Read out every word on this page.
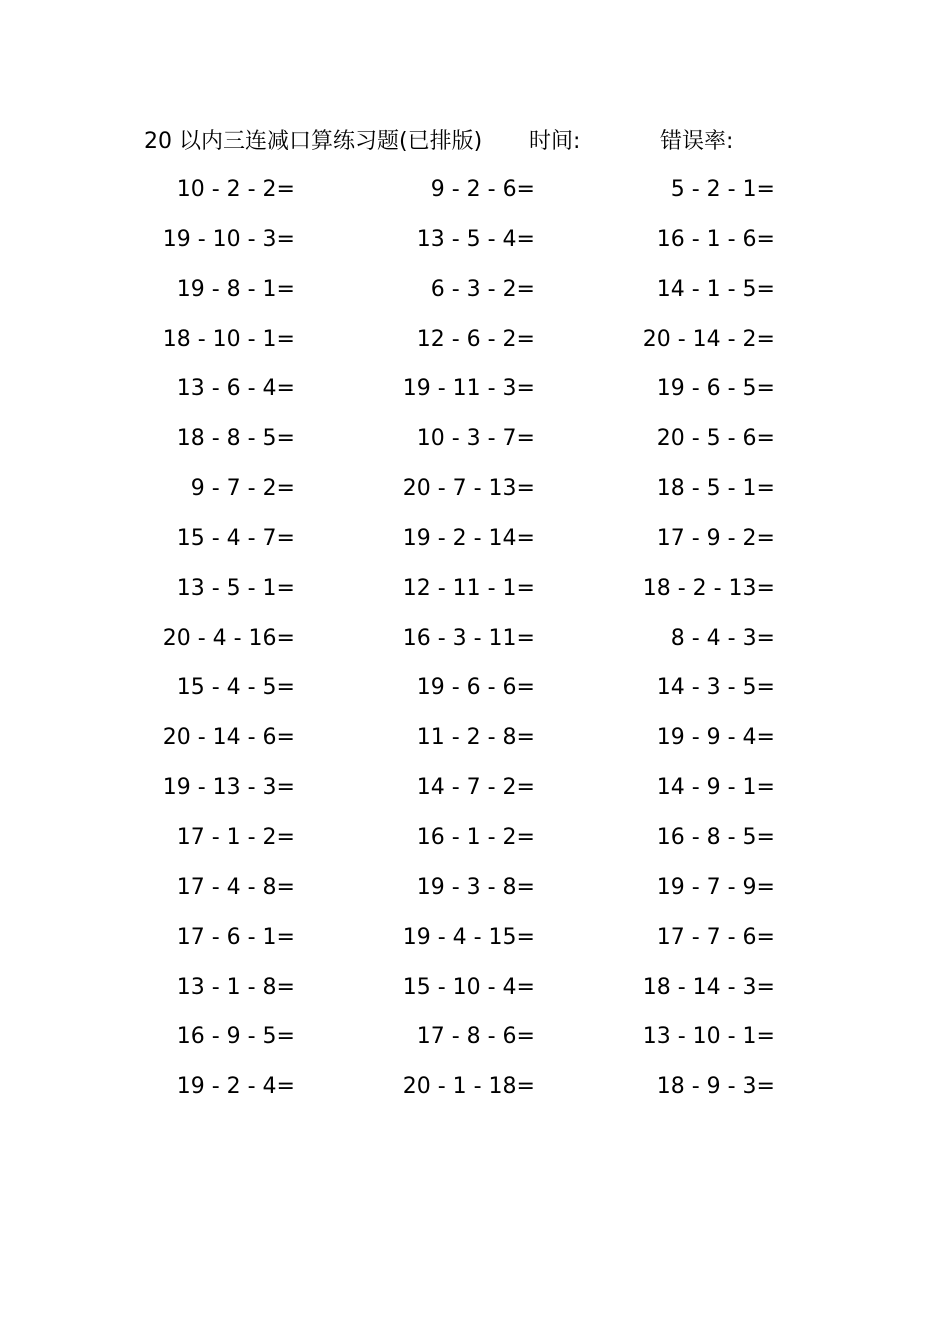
20 以内三连减口算练习题(已排版) 时间:	错误率:
10 - 2 - 2=	9 - 2 - 6=	5 - 2 - 1=
19 - 10 - 3=	13 - 5 - 4=	16 - 1 - 6=
19 - 8 - 1=	6 - 3 - 2=	14 - 1 - 5=
18 - 10 - 1=	12 - 6 - 2=	20 - 14 - 2=
13 - 6 - 4=	19 - 11 - 3=	19 - 6 - 5=
18 - 8 - 5=	10 - 3 - 7=	20 - 5 - 6=
9 - 7 - 2=	20 - 7 - 13=	18 - 5 - 1=
15 - 4 - 7=	19 - 2 - 14=	17 - 9 - 2=
13 - 5 - 1=	12 - 11 - 1=	18 - 2 - 13=
20 - 4 - 16=	16 - 3 - 11=	8 - 4 - 3=
15 - 4 - 5=	19 - 6 - 6=	14 - 3 - 5=
20 - 14 - 6=	11 - 2 - 8=	19 - 9 - 4=
19 - 13 - 3=	14 - 7 - 2=	14 - 9 - 1=
17 - 1 - 2=	16 - 1 - 2=	16 - 8 - 5=
17 - 4 - 8=	19 - 3 - 8=	19 - 7 - 9=
17 - 6 - 1=	19 - 4 - 15=	17 - 7 - 6=
13 - 1 - 8=	15 - 10 - 4=	18 - 14 - 3=
16 - 9 - 5=	17 - 8 - 6=	13 - 10 - 1=
19 - 2 - 4=	20 - 1 - 18=	18 - 9 - 3=
